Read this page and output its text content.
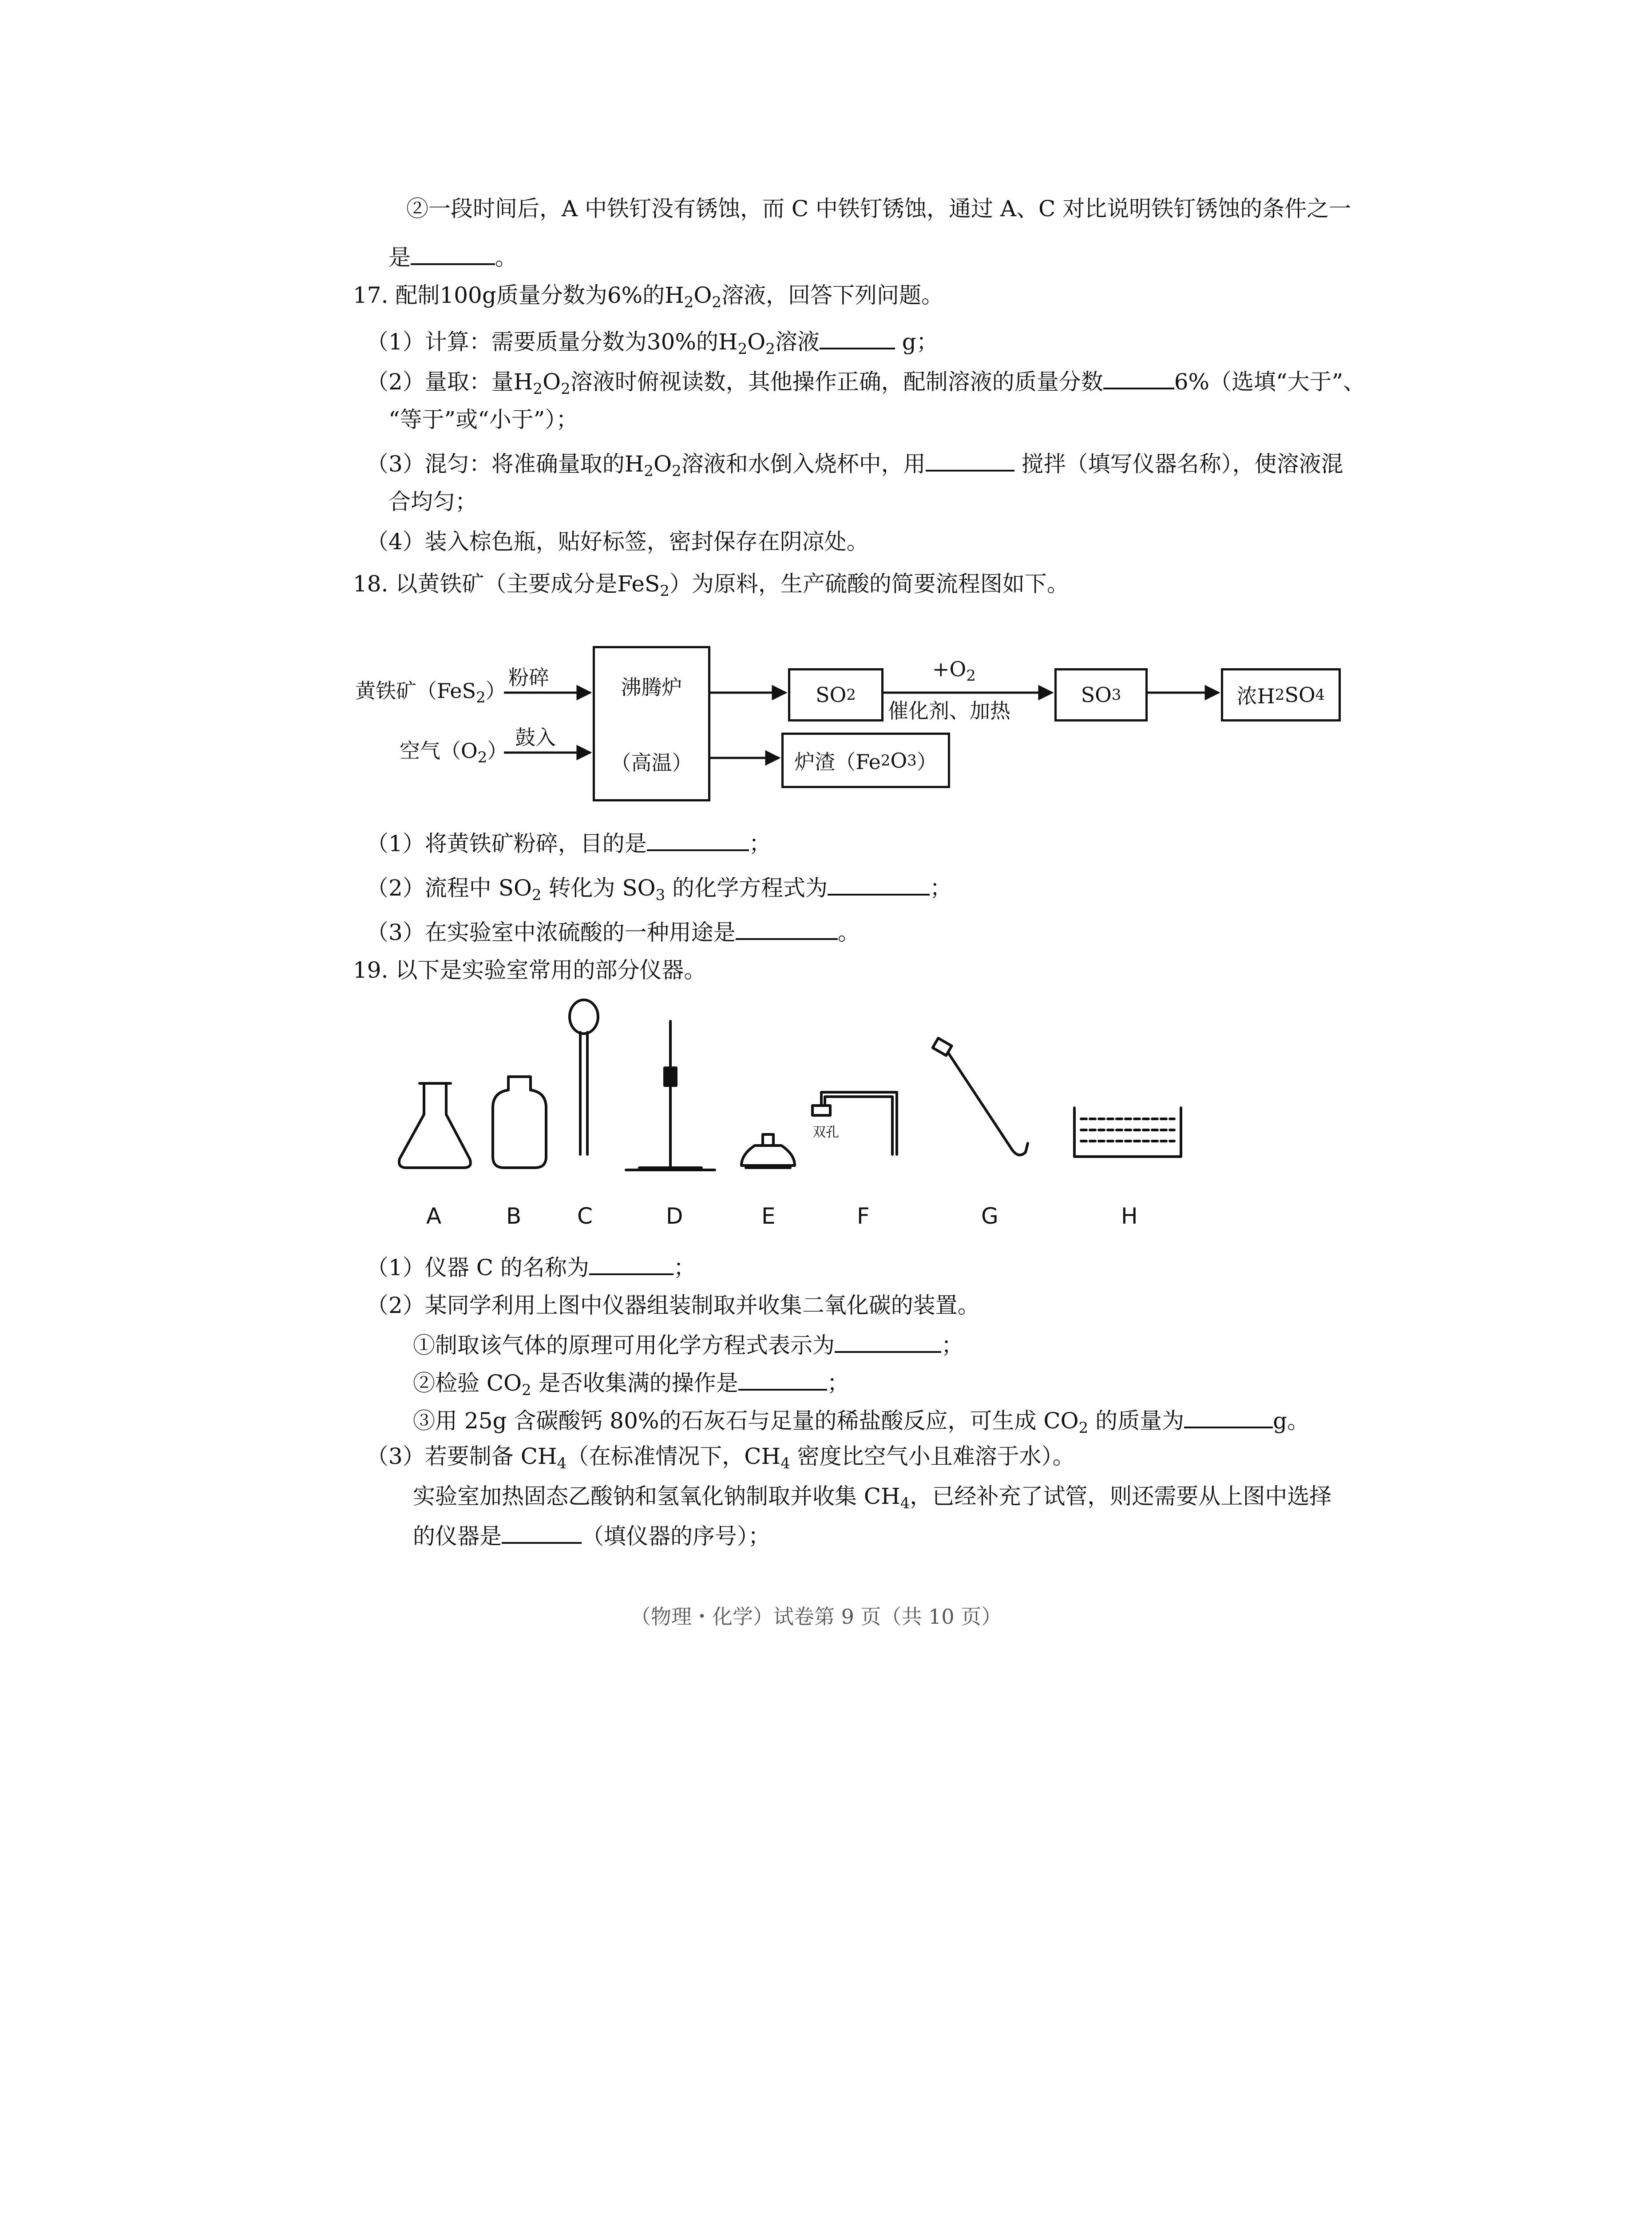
②一段时间后，A 中铁钉没有锈蚀，而 C 中铁钉锈蚀，通过 A、C 对比说明铁钉锈蚀的条件之一
是	。
17. 配制100g质量分数为6%的$H_2O_2$溶液，回答下列问题。
（1）计算：需要质量分数为30%的$H_2O_2$溶液	g；
（2）量取：量$H_2O_2$溶液时俯视读数，其他操作正确，配制溶液的质量分数	6%（选填“大于”、
“等于”或“小于”）；
（3）混匀：将准确量取的$H_2O_2$溶液和水倒入烧杯中，用	搅拌（填写仪器名称），使溶液混
合均匀；
（4）装入棕色瓶，贴好标签，密封保存在阴凉处。
18. 以黄铁矿（主要成分是FeS$_2$）为原料，生产硫酸的简要流程图如下。
黄铁矿（FeS$_2$）
粉碎
空气$(O_2)$
鼓入
沸腾炉
（高温）
SO 2
$+O_2$
催化剂、加热
SO 3	浓H 2 SO 4
炉渣（Fe 2 O 3 ）
（1）将黄铁矿粉碎，目的是	；
（2）流程中 $SO_2$ 转化为 $SO_3$ 的化学方程式为	；
（3）在实验室中浓硫酸的一种用途是	。
19. 以下是实验室常用的部分仪器。
双孔
A	B	C	D	E	F	G	H
（1）仪器 C 的名称为	；
（2）某同学利用上图中仪器组装制取并收集二氧化碳的装置。
①制取该气体的原理可用化学方程式表示为	；
②检验 $CO_2$ 是否收集满的操作是	；
③用 25g 含碳酸钙 80%的石灰石与足量的稀盐酸反应，可生成 $CO_2$ 的质量为	g。
（3）若要制备 $CH_4$（在标准情况下，$CH_4$ 密度比空气小且难溶于水）。
实验室加热固态乙酸钠和氢氧化钠制取并收集 $CH_4$，已经补充了试管，则还需要从上图中选择
的仪器是	（填仪器的序号）；
（物理・化学）试卷第 9 页（共 10 页）
